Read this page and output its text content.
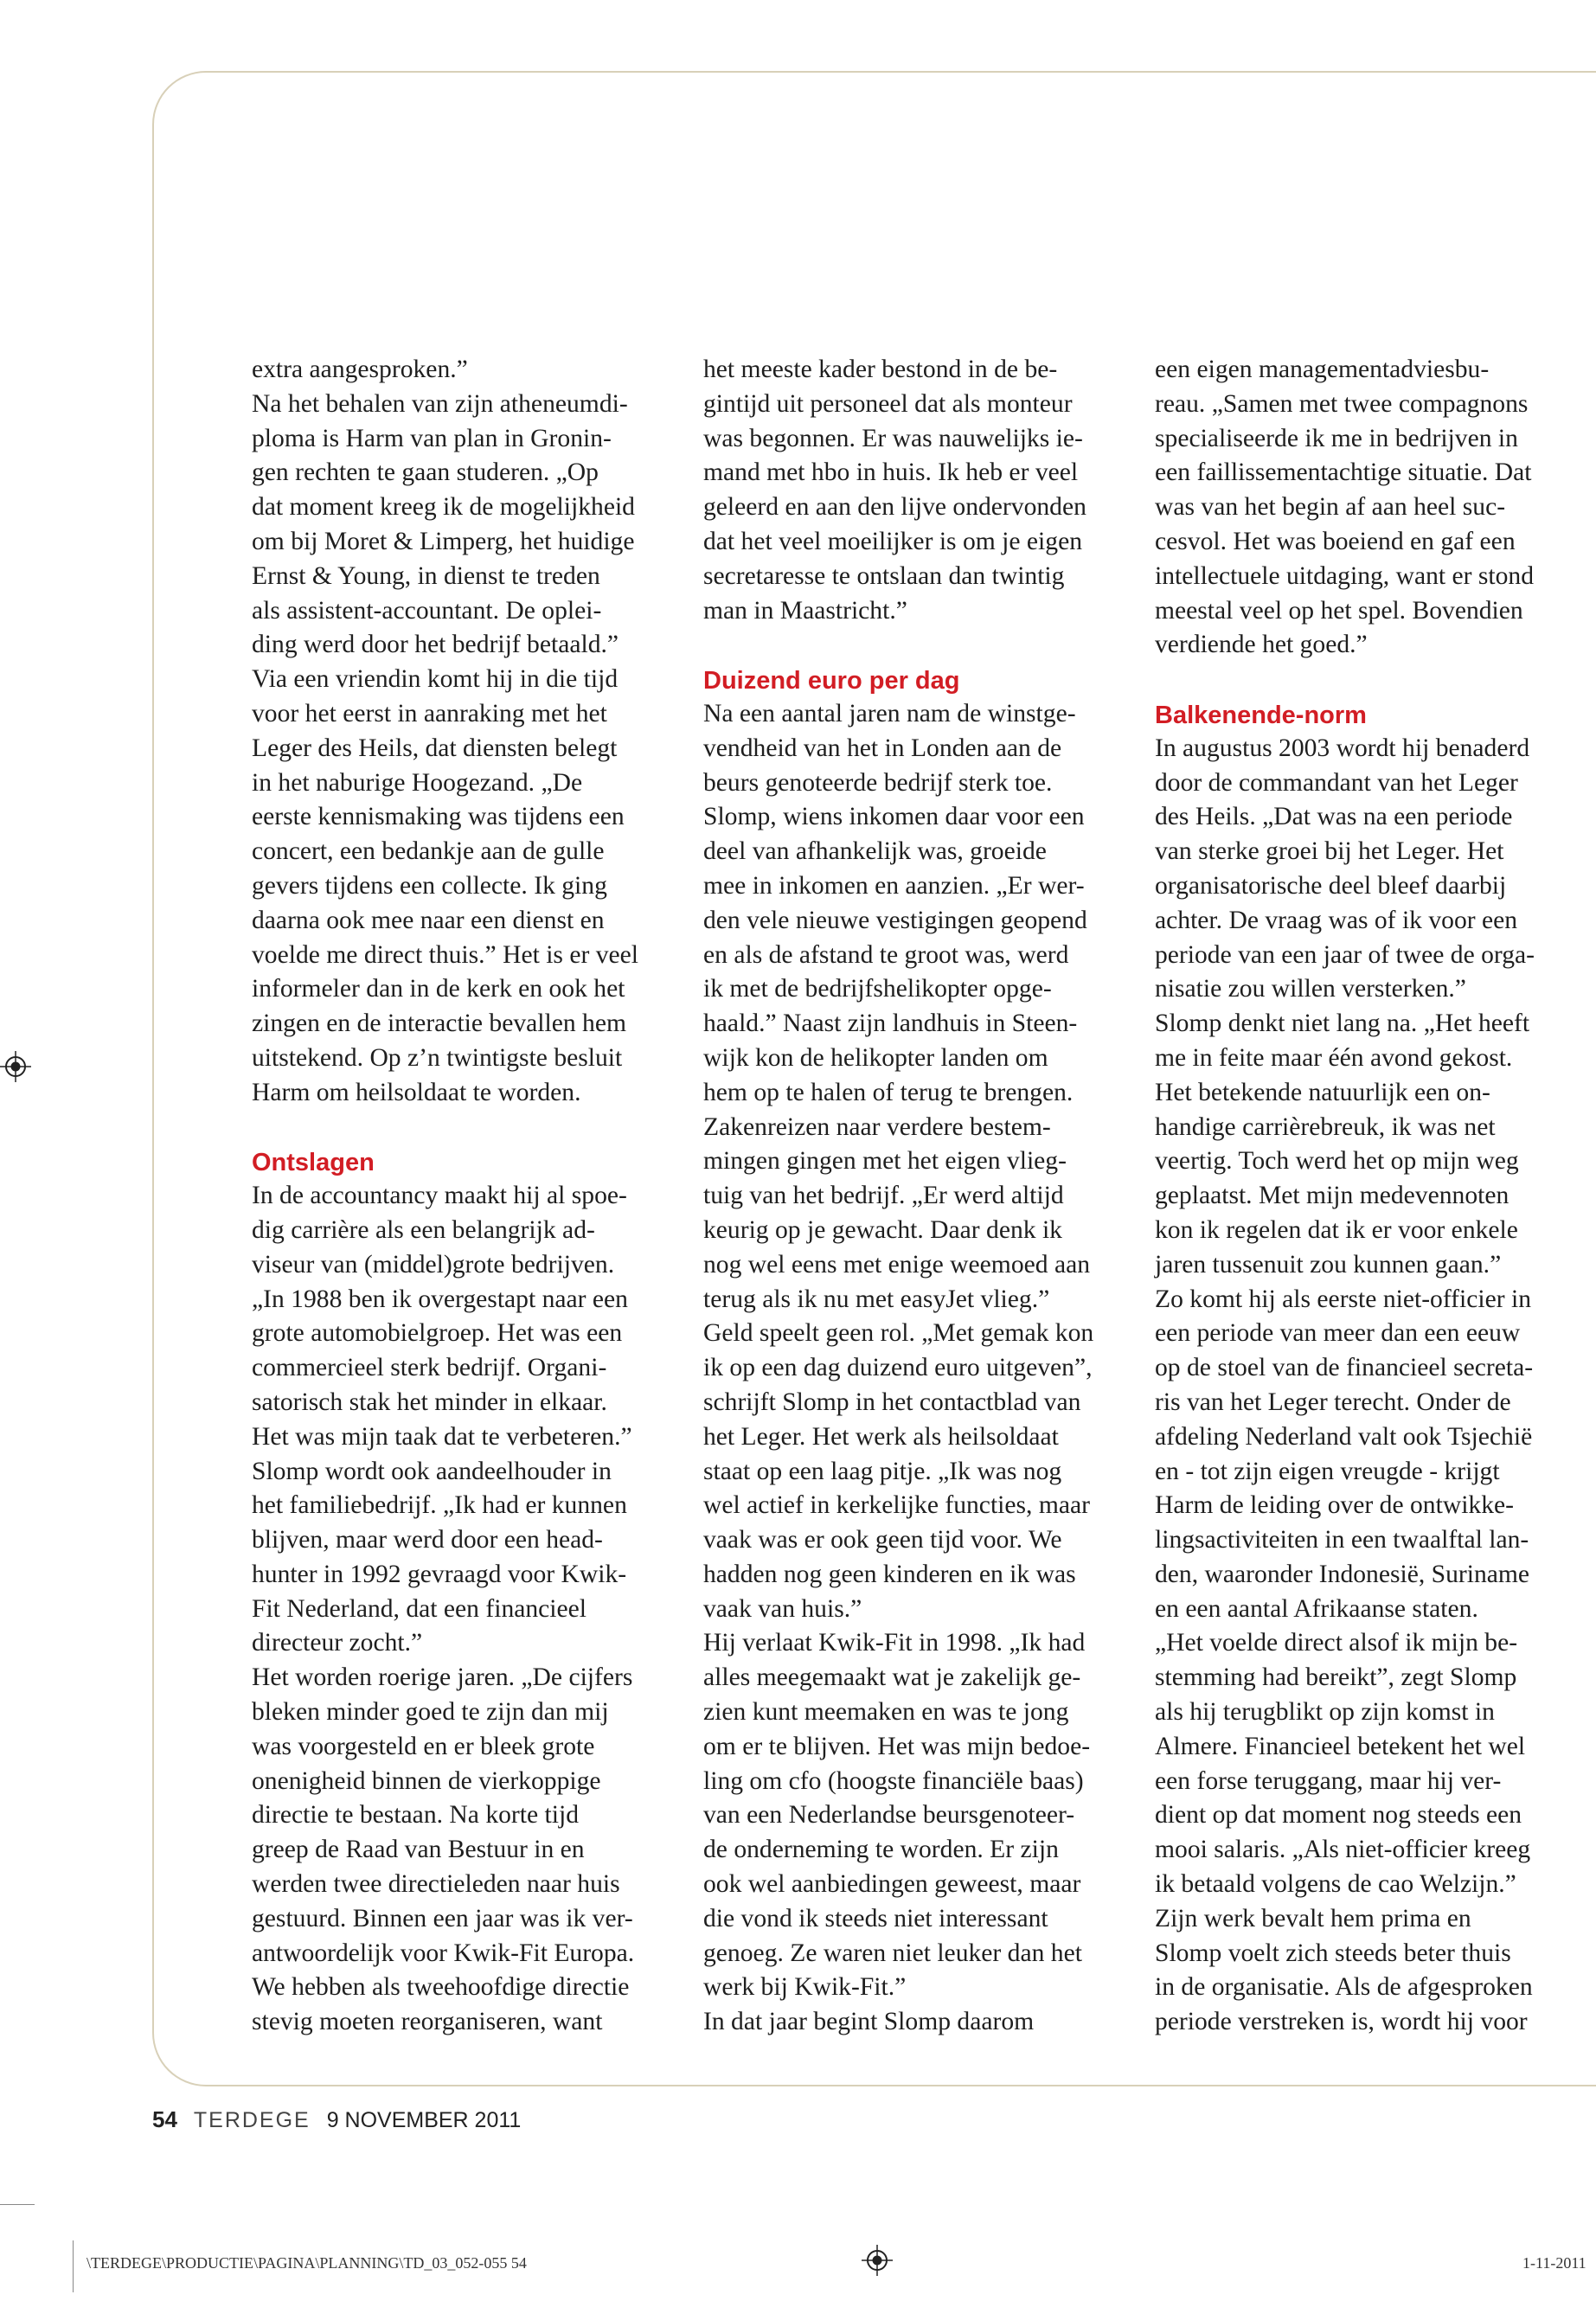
extra aangesproken.”
Na het behalen van zijn atheneumdi-
ploma is Harm van plan in Gronin-
gen rechten te gaan studeren. „Op
dat moment kreeg ik de mogelijkheid
om bij Moret & Limperg, het huidige
Ernst & Young, in dienst te treden
als assistent-accountant. De oplei-
ding werd door het bedrijf betaald.”
Via een vriendin komt hij in die tijd
voor het eerst in aanraking met het
Leger des Heils, dat diensten belegt
in het naburige Hoogezand. „De
eerste kennismaking was tijdens een
concert, een bedankje aan de gulle
gevers tijdens een collecte. Ik ging
daarna ook mee naar een dienst en
voelde me direct thuis.” Het is er veel
informeler dan in de kerk en ook het
zingen en de interactie bevallen hem
uitstekend. Op z’n twintigste besluit
Harm om heilsoldaat te worden.
Ontslagen
In de accountancy maakt hij al spoe-
dig carrière als een belangrijk ad-
viseur van (middel)grote bedrijven.
„In 1988 ben ik overgestapt naar een
grote automobielgroep. Het was een
commercieel sterk bedrijf. Organi-
satorisch stak het minder in elkaar.
Het was mijn taak dat te verbeteren.”
Slomp wordt ook aandeelhouder in
het familiebedrijf. „Ik had er kunnen
blijven, maar werd door een head-
hunter in 1992 gevraagd voor Kwik-
Fit Nederland, dat een financieel
directeur zocht.”
Het worden roerige jaren. „De cijfers
bleken minder goed te zijn dan mij
was voorgesteld en er bleek grote
onenigheid binnen de vierkoppige
directie te bestaan. Na korte tijd
greep de Raad van Bestuur in en
werden twee directieleden naar huis
gestuurd. Binnen een jaar was ik ver-
antwoordelijk voor Kwik-Fit Europa.
We hebben als tweehoofdige directie
stevig moeten reorganiseren, want
het meeste kader bestond in de be-
gintijd uit personeel dat als monteur
was begonnen. Er was nauwelijks ie-
mand met hbo in huis. Ik heb er veel
geleerd en aan den lijve ondervonden
dat het veel moeilijker is om je eigen
secretaresse te ontslaan dan twintig
man in Maastricht.”
Duizend euro per dag
Na een aantal jaren nam de winstge-
vendheid van het in Londen aan de
beurs genoteerde bedrijf sterk toe.
Slomp, wiens inkomen daar voor een
deel van afhankelijk was, groeide
mee in inkomen en aanzien. „Er wer-
den vele nieuwe vestigingen geopend
en als de afstand te groot was, werd
ik met de bedrijfshelikopter opge-
haald.” Naast zijn landhuis in Steen-
wijk kon de helikopter landen om
hem op te halen of terug te brengen.
Zakenreizen naar verdere bestem-
mingen gingen met het eigen vlieg-
tuig van het bedrijf. „Er werd altijd
keurig op je gewacht. Daar denk ik
nog wel eens met enige weemoed aan
terug als ik nu met easyJet vlieg.”
Geld speelt geen rol. „Met gemak kon
ik op een dag duizend euro uitgeven”,
schrijft Slomp in het contactblad van
het Leger. Het werk als heilsoldaat
staat op een laag pitje. „Ik was nog
wel actief in kerkelijke functies, maar
vaak was er ook geen tijd voor. We
hadden nog geen kinderen en ik was
vaak van huis.”
Hij verlaat Kwik-Fit in 1998. „Ik had
alles meegemaakt wat je zakelijk ge-
zien kunt meemaken en was te jong
om er te blijven. Het was mijn bedoe-
ling om cfo (hoogste financiële baas)
van een Nederlandse beursgenoteer-
de onderneming te worden. Er zijn
ook wel aanbiedingen geweest, maar
die vond ik steeds niet interessant
genoeg. Ze waren niet leuker dan het
werk bij Kwik-Fit.”
In dat jaar begint Slomp daarom
een eigen managementadviesbu-
reau. „Samen met twee compagnons
specialiseerde ik me in bedrijven in
een faillissementachtige situatie. Dat
was van het begin af aan heel suc-
cesvol. Het was boeiend en gaf een
intellectuele uitdaging, want er stond
meestal veel op het spel. Bovendien
verdiende het goed.”
Balkenende-norm
In augustus 2003 wordt hij benaderd
door de commandant van het Leger
des Heils. „Dat was na een periode
van sterke groei bij het Leger. Het
organisatorische deel bleef daarbij
achter. De vraag was of ik voor een
periode van een jaar of twee de orga-
nisatie zou willen versterken.”
Slomp denkt niet lang na. „Het heeft
me in feite maar één avond gekost.
Het betekende natuurlijk een on-
handige carrièrebreuk, ik was net
veertig. Toch werd het op mijn weg
geplaatst. Met mijn medevennoten
kon ik regelen dat ik er voor enkele
jaren tussenuit zou kunnen gaan.”
Zo komt hij als eerste niet-officier in
een periode van meer dan een eeuw
op de stoel van de financieel secreta-
ris van het Leger terecht. Onder de
afdeling Nederland valt ook Tsjechië
en - tot zijn eigen vreugde - krijgt
Harm de leiding over de ontwikke-
lingsactiviteiten in een twaalftal lan-
den, waaronder Indonesië, Suriname
en een aantal Afrikaanse staten.
„Het voelde direct alsof ik mijn be-
stemming had bereikt”, zegt Slomp
als hij terugblikt op zijn komst in
Almere. Financieel betekent het wel
een forse teruggang, maar hij ver-
dient op dat moment nog steeds een
mooi salaris. „Als niet-officier kreeg
ik betaald volgens de cao Welzijn.”
Zijn werk bevalt hem prima en
Slomp voelt zich steeds beter thuis
in de organisatie. Als de afgesproken
periode verstreken is, wordt hij voor
54 TERDEGE 9 NOVEMBER 2011
\TERDEGE\PRODUCTIE\PAGINA\PLANNING\TD_03_052-055 54	1-11-2011
